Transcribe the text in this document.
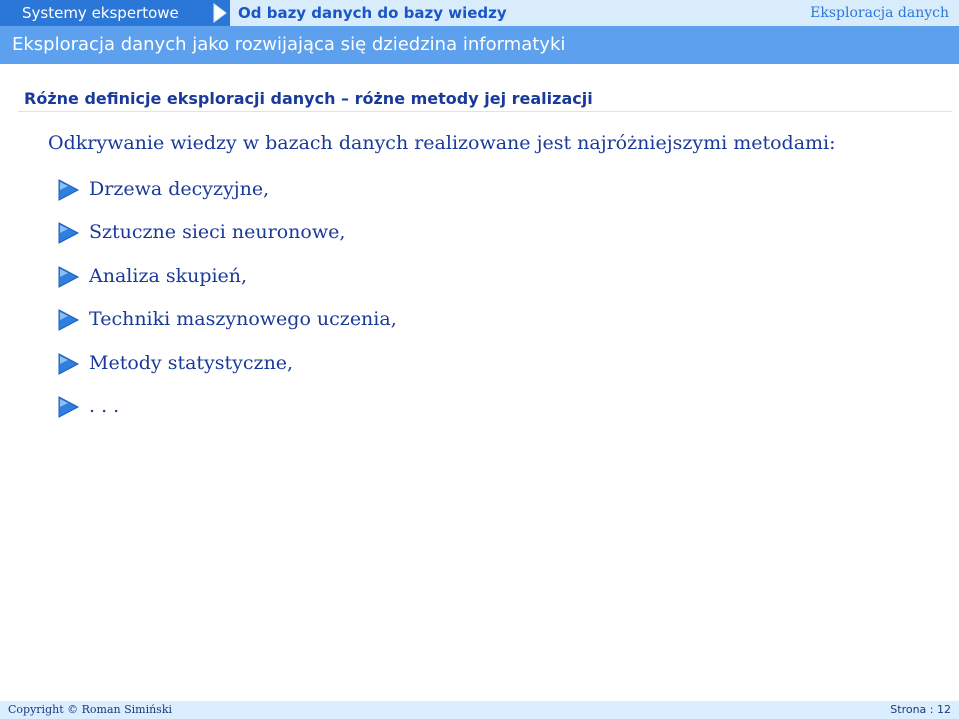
Systemy ekspertowe	Od bazy danych do bazy wiedzy	Eksploracja danych
Eksploracja danych jako rozwijająca się dziedzina informatyki
Różne definicje eksploracji danych – różne metody jej realizacji
Odkrywanie wiedzy w bazach danych realizowane jest najróżniejszymi metodami:
Drzewa decyzyjne,
Sztuczne sieci neuronowe,
Analiza skupień,
Techniki maszynowego uczenia,
Metody statystyczne,
. . .
Copyright © Roman Simiński	Strona : 12
